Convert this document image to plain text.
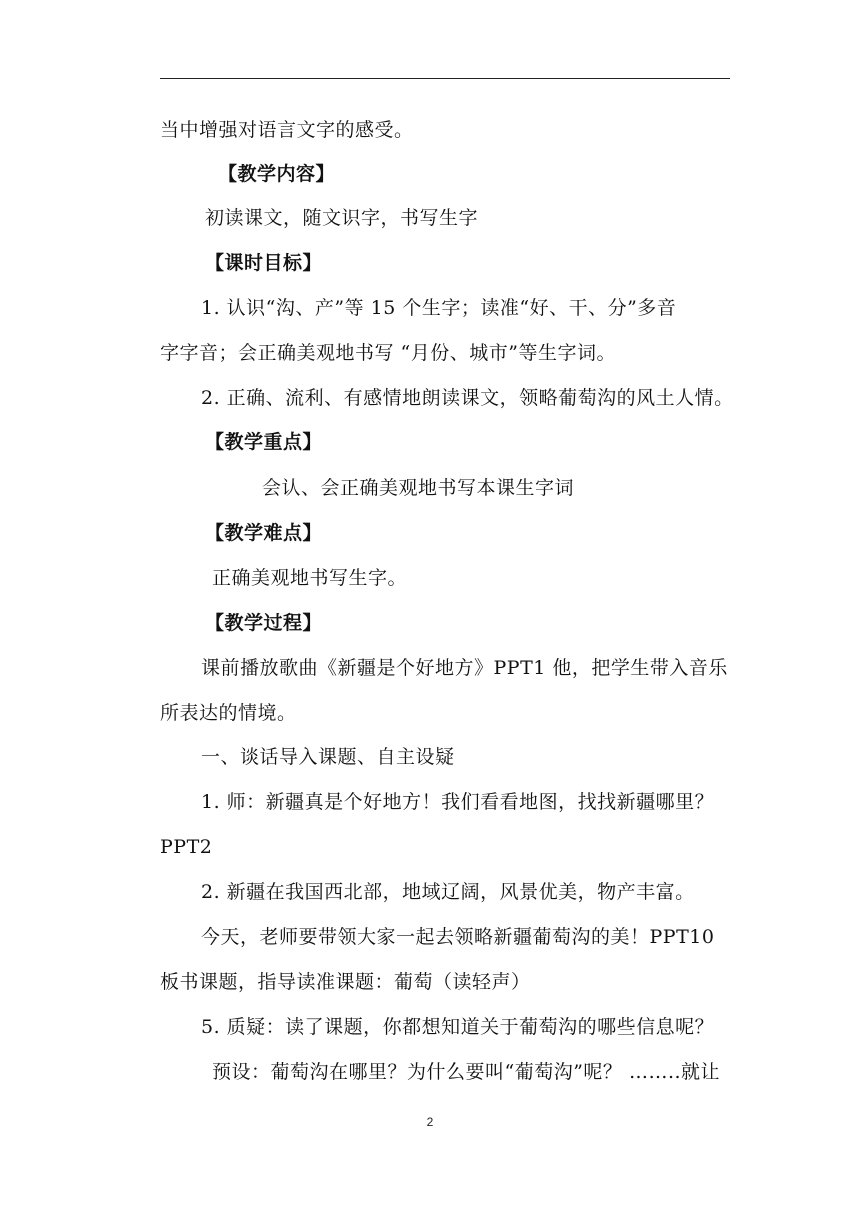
当中增强对语言文字的感受。
【教学内容】
初读课文，随文识字，书写生字
【课时目标】
1. 认识“沟、产”等 15 个生字；读准“好、干、分”多音
字字音；会正确美观地书写 “月份、城市”等生字词。
2. 正确、流利、有感情地朗读课文，领略葡萄沟的风土人情。
【教学重点】
会认、会正确美观地书写本课生字词
【教学难点】
正确美观地书写生字。
【教学过程】
课前播放歌曲《新疆是个好地方》PPT1 他，把学生带入音乐
所表达的情境。
一、谈话导入课题、自主设疑
1. 师：新疆真是个好地方！我们看看地图，找找新疆哪里？
PPT2
2. 新疆在我国西北部，地域辽阔，风景优美，物产丰富。
今天，老师要带领大家一起去领略新疆葡萄沟的美！PPT10
板书课题，指导读准课题：葡萄（读轻声）
5. 质疑：读了课题，你都想知道关于葡萄沟的哪些信息呢？
预设：葡萄沟在哪里？为什么要叫“葡萄沟”呢？ ……..就让
2
